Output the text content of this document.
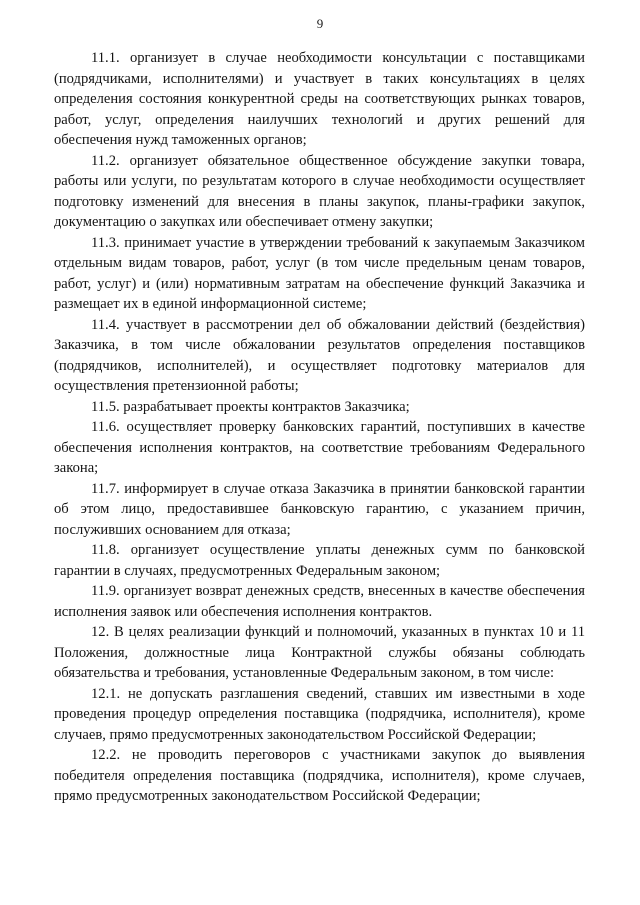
9

11.1. организует в случае необходимости консультации с поставщиками (подрядчиками, исполнителями) и участвует в таких консультациях в целях определения состояния конкурентной среды на соответствующих рынках товаров, работ, услуг, определения наилучших технологий и других решений для обеспечения нужд таможенных органов;

11.2. организует обязательное общественное обсуждение закупки товара, работы или услуги, по результатам которого в случае необходимости осуществляет подготовку изменений для внесения в планы закупок, планы-графики закупок, документацию о закупках или обеспечивает отмену закупки;

11.3. принимает участие в утверждении требований к закупаемым Заказчиком отдельным видам товаров, работ, услуг (в том числе предельным ценам товаров, работ, услуг) и (или) нормативным затратам на обеспечение функций Заказчика и размещает их в единой информационной системе;

11.4. участвует в рассмотрении дел об обжаловании действий (бездействия) Заказчика, в том числе обжаловании результатов определения поставщиков (подрядчиков, исполнителей), и осуществляет подготовку материалов для осуществления претензионной работы;

11.5. разрабатывает проекты контрактов Заказчика;

11.6. осуществляет проверку банковских гарантий, поступивших в качестве обеспечения исполнения контрактов, на соответствие требованиям Федерального закона;

11.7. информирует в случае отказа Заказчика в принятии банковской гарантии об этом лицо, предоставившее банковскую гарантию, с указанием причин, послуживших основанием для отказа;

11.8. организует осуществление уплаты денежных сумм по банковской гарантии в случаях, предусмотренных Федеральным законом;

11.9. организует возврат денежных средств, внесенных в качестве обеспечения исполнения заявок или обеспечения исполнения контрактов.

12. В целях реализации функций и полномочий, указанных в пунктах 10 и 11 Положения, должностные лица Контрактной службы обязаны соблюдать обязательства и требования, установленные Федеральным законом, в том числе:

12.1. не допускать разглашения сведений, ставших им известными в ходе проведения процедур определения поставщика (подрядчика, исполнителя), кроме случаев, прямо предусмотренных законодательством Российской Федерации;

12.2. не проводить переговоров с участниками закупок до выявления победителя определения поставщика (подрядчика, исполнителя), кроме случаев, прямо предусмотренных законодательством Российской Федерации;
